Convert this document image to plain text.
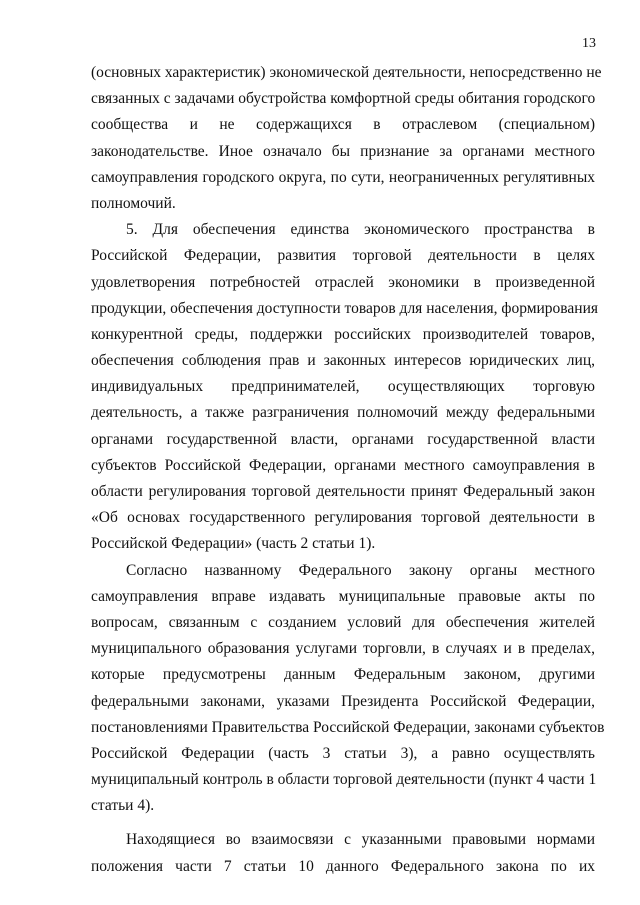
13
(основных характеристик) экономической деятельности, непосредственно не
связанных с задачами обустройства комфортной среды обитания городского
сообщества и не содержащихся в отраслевом (специальном)
законодательстве. Иное означало бы признание за органами местного
самоуправления городского округа, по сути, неограниченных регулятивных
полномочий.
5. Для обеспечения единства экономического пространства в
Российской Федерации, развития торговой деятельности в целях
удовлетворения потребностей отраслей экономики в произведенной
продукции, обеспечения доступности товаров для населения, формирования
конкурентной среды, поддержки российских производителей товаров,
обеспечения соблюдения прав и законных интересов юридических лиц,
индивидуальных предпринимателей, осуществляющих торговую
деятельность, а также разграничения полномочий между федеральными
органами государственной власти, органами государственной власти
субъектов Российской Федерации, органами местного самоуправления в
области регулирования торговой деятельности принят Федеральный закон
«Об основах государственного регулирования торговой деятельности в
Российской Федерации» (часть 2 статьи 1).
Согласно названному Федерального закону органы местного
самоуправления вправе издавать муниципальные правовые акты по
вопросам, связанным с созданием условий для обеспечения жителей
муниципального образования услугами торговли, в случаях и в пределах,
которые предусмотрены данным Федеральным законом, другими
федеральными законами, указами Президента Российской Федерации,
постановлениями Правительства Российской Федерации, законами субъектов
Российской Федерации (часть 3 статьи 3), а равно осуществлять
муниципальный контроль в области торговой деятельности (пункт 4 части 1
статьи 4).
Находящиеся во взаимосвязи с указанными правовыми нормами
положения части 7 статьи 10 данного Федерального закона по их
